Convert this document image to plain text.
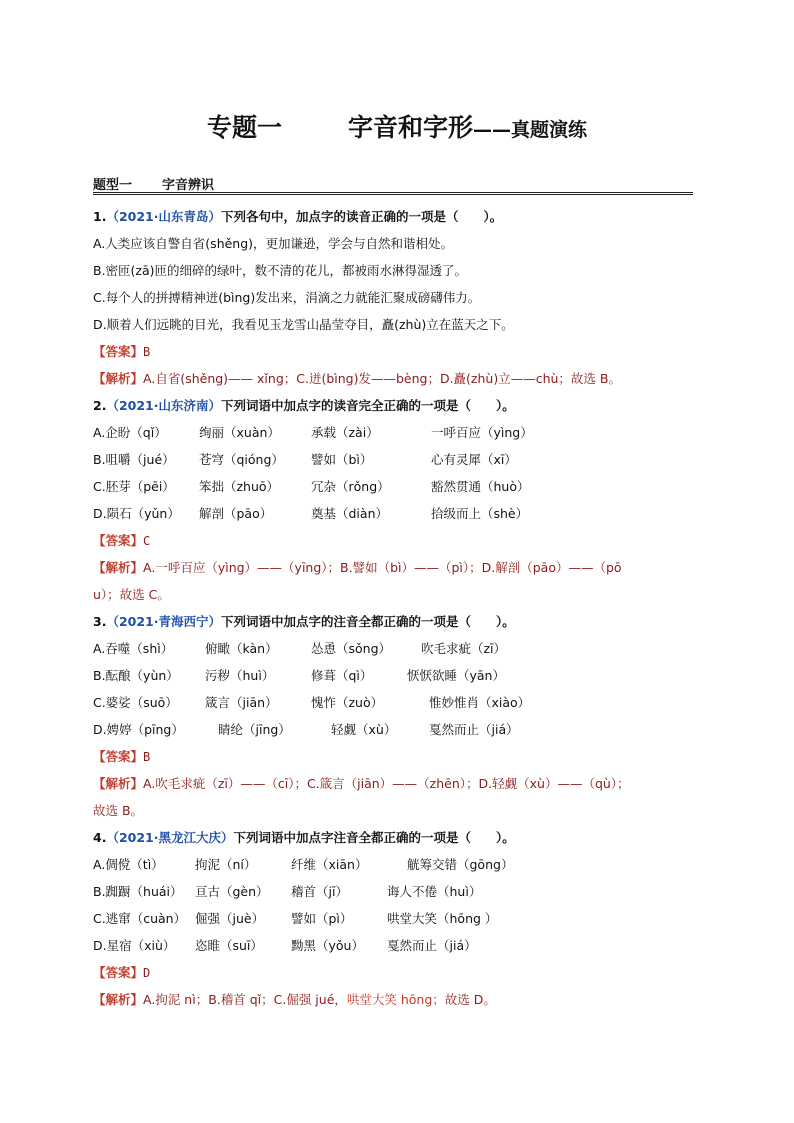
专题一	字音和字形——真题演练
题型一 字音辨识
1.（2021·山东青岛）下列各句中，加点字的读音正确的一项是（　　）。
A.人类应该自警自省(shěng)，更加谦逊，学会与自然和谐相处。
B.密匝(zā)匝的细碎的绿叶，数不清的花儿，都被雨水淋得湿透了。
C.每个人的拼搏精神迸(bìng)发出来，涓滴之力就能汇聚成磅礴伟力。
D.顺着人们远眺的目光，我看见玉龙雪山晶莹夺目，矗(zhù)立在蓝天之下。
【答案】B
【解析】A.自省(shěng)—— xǐng；C.迸(bìng)发——bèng；D.矗(zhù)立——chù；故选 B。
2.（2021·山东济南）下列词语中加点字的读音完全正确的一项是（　　）。
A.企盼（qǐ）	绚丽（xuàn） 承载（zài）	一呼百应（yìng）
B.咀嚼（jué） 苍穹（qióng） 譬如（bì）	心有灵犀（xī）
C.胚芽（pēi） 笨拙（zhuō）	冗杂（rǒng）	豁然贯通（huò）
D.陨石（yǔn） 解剖（pāo）	奠基（diàn）	拾级而上（shè）
【答案】C
【解析】A.一呼百应（yìng）——（yīng）；B.譬如（bì）——（pì）；D.解剖（pāo）——（pō
u）；故选 C。
3.（2021·青海西宁）下列词语中加点字的注音全都正确的一项是（　　）。
A.吞噬（shì）	俯瞰（kàn）	怂恿（sǒng） 吹毛求疵（zī）
B.酝酿（yùn） 污秽（huì）	修葺（qì）	恹恹欲睡（yān）
C.婆娑（suō） 箴言（jiān）	愧怍（zuò）	惟妙惟肖（xiào）
D.娉婷（pīng）	睛纶（jīng）	轻觑（xù）	戛然而止（jiá）
【答案】B
【解析】A.吹毛求疵（zī）——（cī）；C.箴言（jiān）——（zhēn）；D.轻觑（xù）——（qù）；
故选 B。
4.（2021·黑龙江大庆）下列词语中加点字注音全都正确的一项是（　　）。
A.倜傥（tì）	拘泥（ní）	纤维（xiān）	觥筹交错（gōng）
B.踟蹰（huái） 亘古（gèn） 稽首（jī）	诲人不倦（huì）
C.逃窜（cuàn） 倔强（juè） 譬如（pì）	哄堂大笑（hōng ）
D.星宿（xiù） 恣睢（suī） 黝黑（yǒu） 戛然而止（jiá）
【答案】D
【解析】A.拘泥 nì；B.稽首 qǐ；C.倔强 jué，哄堂大笑 hōng；故选 D。
